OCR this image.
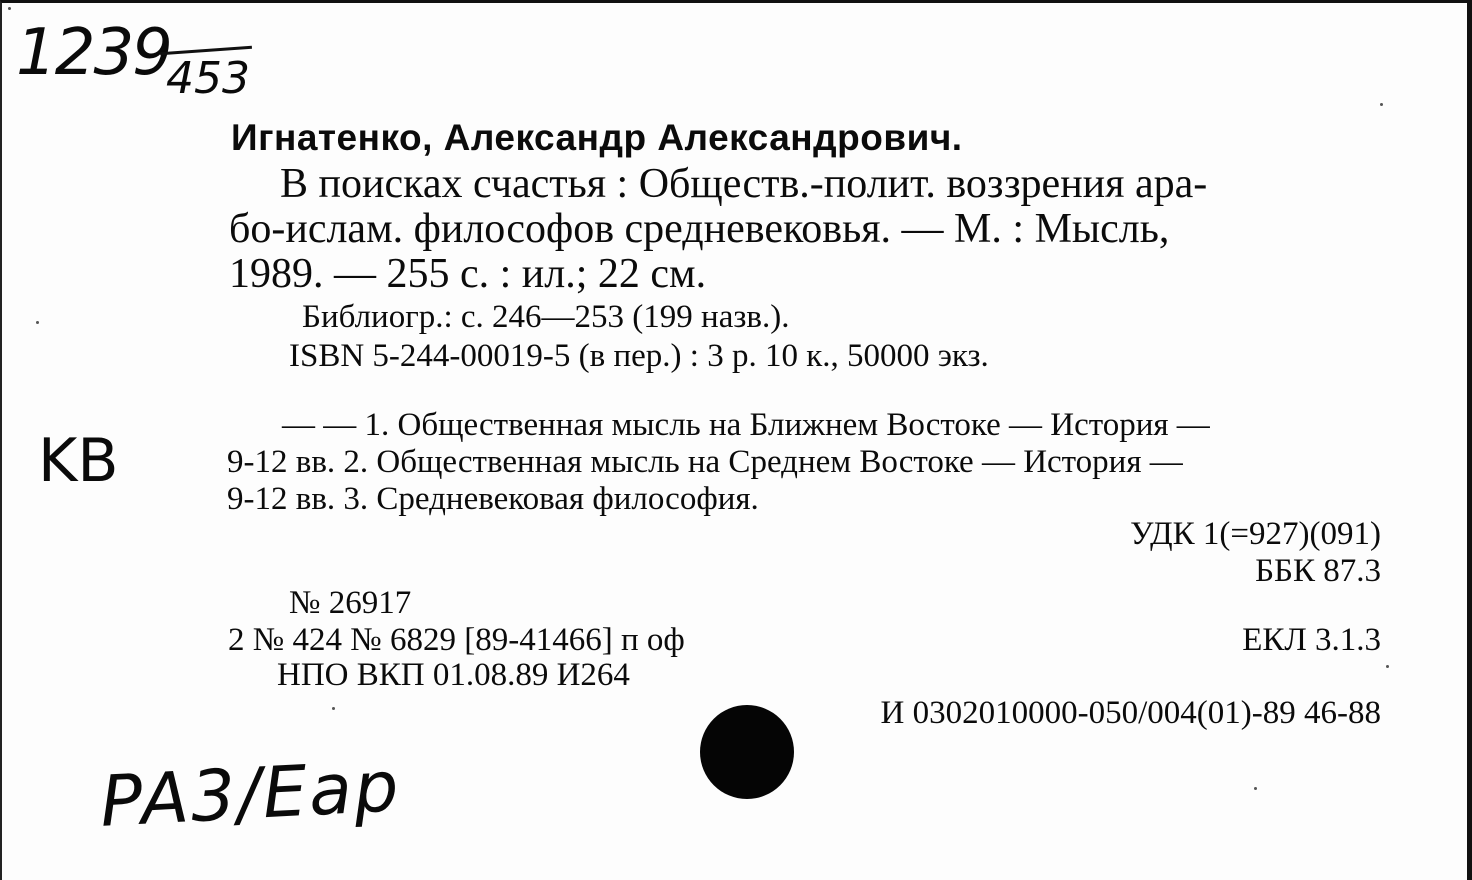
1239
453
Игнатенко, Александр Александрович.
В поисках счастья : Обществ.-полит. воззрения ара-
бо-ислам. философов средневековья. — М. : Мысль,
1989. — 255 с. : ил.; 22 см.
Библиогр.: с. 246—253 (199 назв.).
ISBN 5-244-00019-5 (в пер.) : 3 р. 10 к., 50000 экз.
KB
— — 1. Общественная мысль на Ближнем Востоке — История —
9-12 вв. 2. Общественная мысль на Среднем Востоке — История —
9-12 вв. 3. Средневековая философия.
УДК 1(=927)(091)
ББК 87.3
№ 26917
2 № 424 № 6829 [89-41466] п оф	ЕКЛ 3.1.3
НПО ВКП 01.08.89 И264
И 0302010000-050/004(01)-89 46-88
PA3/Eap
